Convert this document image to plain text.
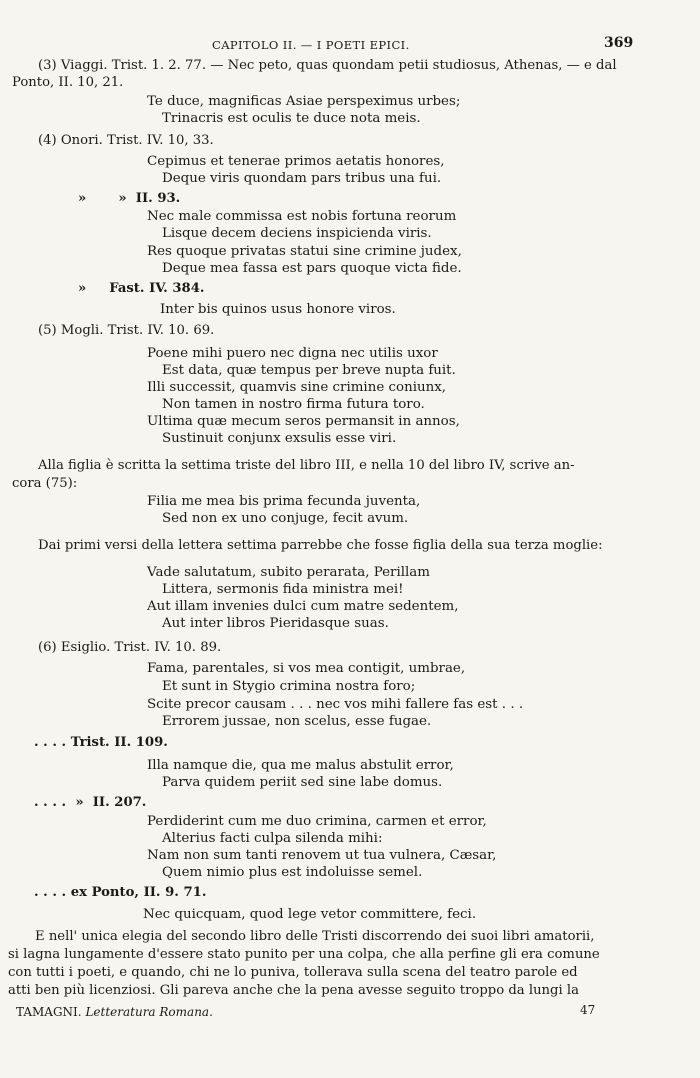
CAPITOLO II. — I POETI EPICI.	369
(3) Viaggi. Trist. 1. 2. 77. — Nec peto, quas quondam petii studiosus, Athenas, — e dal
Ponto, II. 10, 21.
Te duce, magnificas Asiae perspeximus urbes;
Trinacris est oculis te duce nota meis.
(4) Onori. Trist. IV. 10, 33.
Cepimus et tenerae primos aetatis honores,
Deque viris quondam pars tribus una fui.
»       »  II. 93.
Nec male commissa est nobis fortuna reorum
Lisque decem deciens inspicienda viris.
Res quoque privatas statui sine crimine judex,
Deque mea fassa est pars quoque victa fide.
»     Fast. IV. 384.
Inter bis quinos usus honore viros.
(5) Mogli. Trist. IV. 10. 69.
Poene mihi puero nec digna nec utilis uxor
Est data, quæ tempus per breve nupta fuit.
Illi successit, quamvis sine crimine coniunx,
Non tamen in nostro firma futura toro.
Ultima quæ mecum seros permansit in annos,
Sustinuit conjunx exsulis esse viri.
Alla figlia è scritta la settima triste del libro III, e nella 10 del libro IV, scrive an-
cora (75):
Filia me mea bis prima fecunda juventa,
Sed non ex uno conjuge, fecit avum.
Dai primi versi della lettera settima parrebbe che fosse figlia della sua terza moglie:
Vade salutatum, subito perarata, Perillam
Littera, sermonis fida ministra mei!
Aut illam invenies dulci cum matre sedentem,
Aut inter libros Pieridasque suas.
(6) Esiglio. Trist. IV. 10. 89.
Fama, parentales, si vos mea contigit, umbrae,
Et sunt in Stygio crimina nostra foro;
Scite precor causam . . . nec vos mihi fallere fas est . . .
Errorem jussae, non scelus, esse fugae.
. . . . Trist. II. 109.
Illa namque die, qua me malus abstulit error,
Parva quidem periit sed sine labe domus.
. . . .  »  II. 207.
Perdiderint cum me duo crimina, carmen et error,
Alterius facti culpa silenda mihi:
Nam non sum tanti renovem ut tua vulnera, Cæsar,
Quem nimio plus est indoluisse semel.
. . . . ex Ponto, II. 9. 71.
Nec quicquam, quod lege vetor committere, feci.
E nell' unica elegia del secondo libro delle Tristi discorrendo dei suoi libri amatorii,
si lagna lungamente d'essere stato punito per una colpa, che alla perfine gli era comune
con tutti i poeti, e quando, chi ne lo puniva, tollerava sulla scena del teatro parole ed
atti ben più licenziosi. Gli pareva anche che la pena avesse seguito troppo da lungi la
TAMAGNI. Letteratura Romana.	47
